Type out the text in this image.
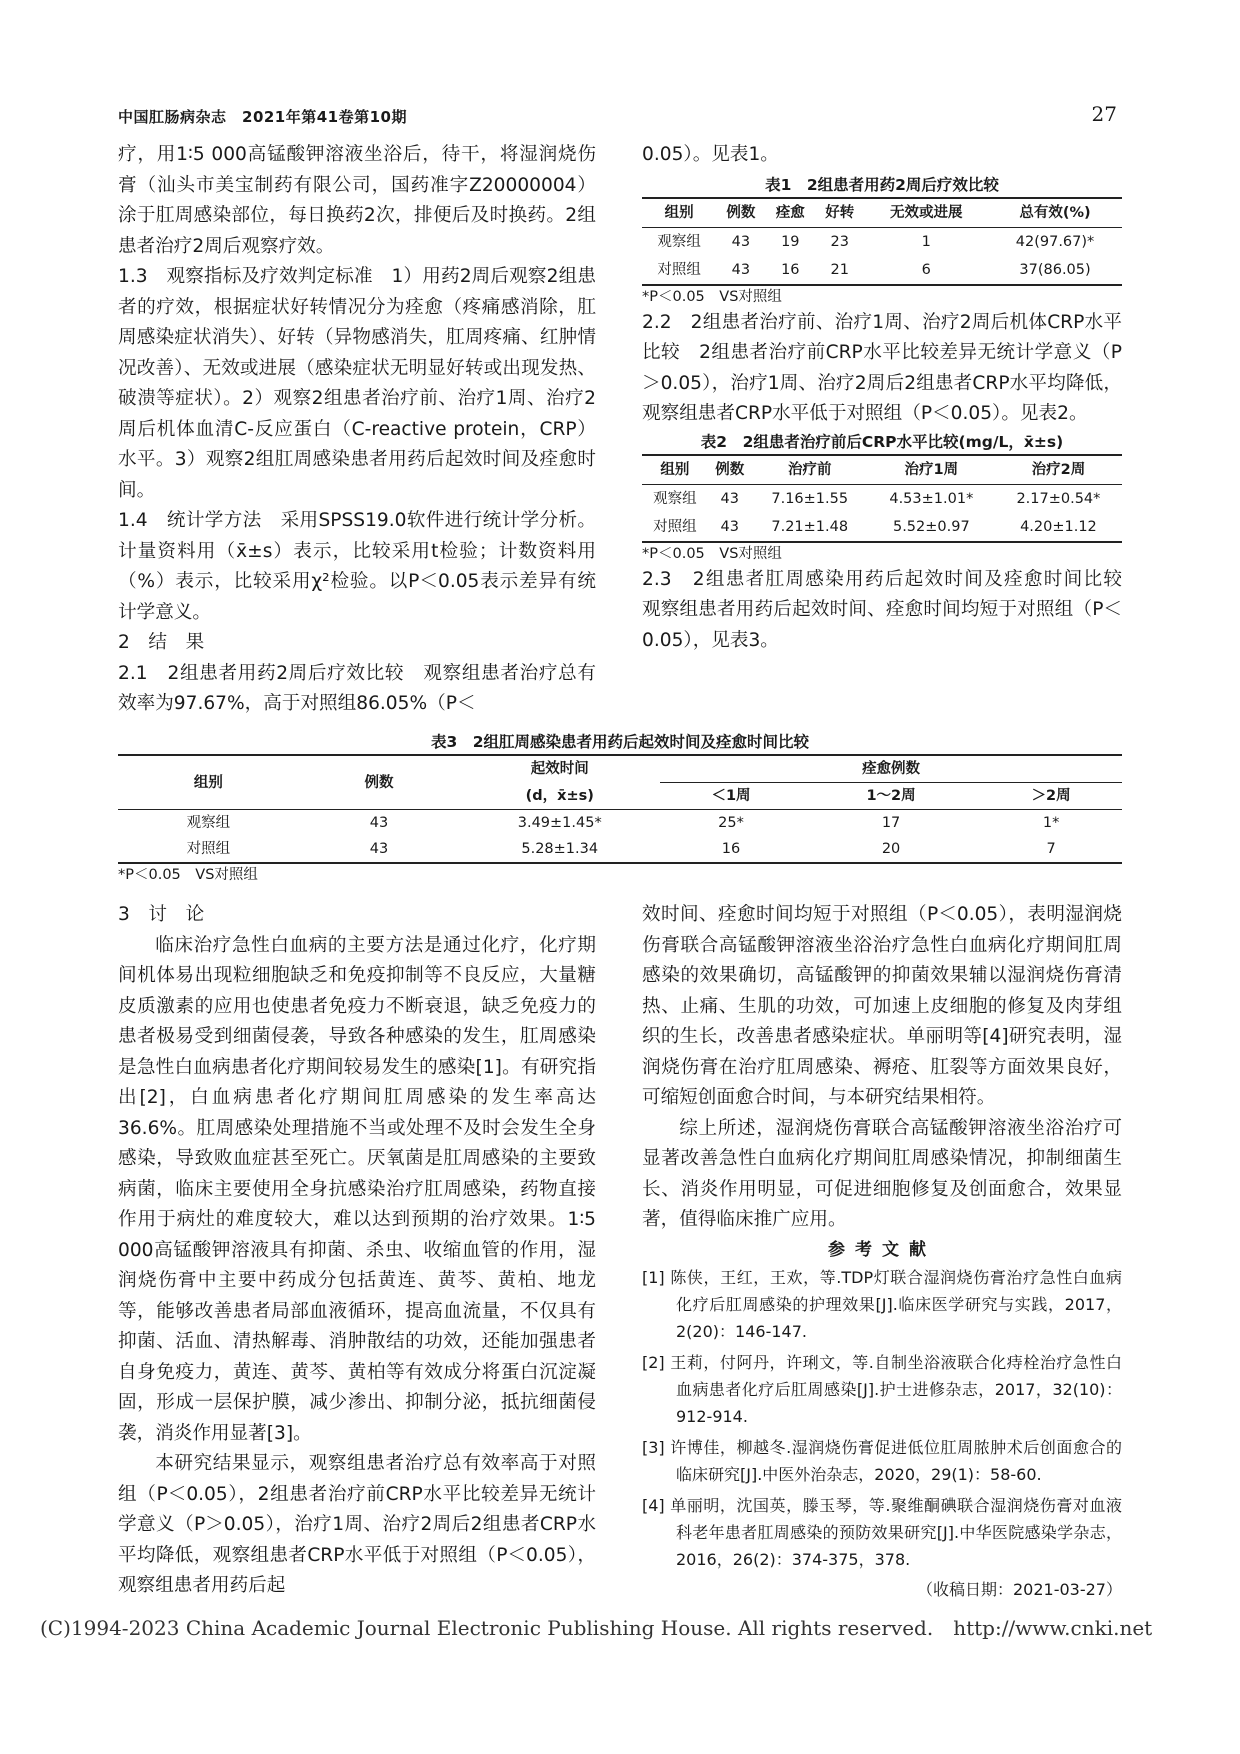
中国肛肠病杂志　2021年第41卷第10期	27

疗，用1∶5 000高锰酸钾溶液坐浴后，待干，将湿润烧伤膏（汕头市美宝制药有限公司，国药准字Z20000004）涂于肛周感染部位，每日换药2次，排便后及时换药。2组患者治疗2周后观察疗效。

1.3　观察指标及疗效判定标准　1）用药2周后观察2组患者的疗效，根据症状好转情况分为痊愈（疼痛感消除，肛周感染症状消失）、好转（异物感消失，肛周疼痛、红肿情况改善）、无效或进展（感染症状无明显好转或出现发热、破溃等症状）。2）观察2组患者治疗前、治疗1周、治疗2周后机体血清C-反应蛋白（C-reactive protein，CRP）水平。3）观察2组肛周感染患者用药后起效时间及痊愈时间。

1.4　统计学方法　采用SPSS19.0软件进行统计学分析。计量资料用（x̄±s）表示，比较采用t检验；计数资料用（%）表示，比较采用χ²检验。以P＜0.05表示差异有统计学意义。

2　结　果

2.1　2组患者用药2周后疗效比较　观察组患者治疗总有效率为97.67%，高于对照组86.05%（P＜

0.05）。见表1。

表1　2组患者用药2周后疗效比较
组别	例数	痊愈	好转	无效或进展	总有效(%)
观察组	43	19	23	1	42(97.67)*
对照组	43	16	21	6	37(86.05)
*P＜0.05　VS对照组

2.2　2组患者治疗前、治疗1周、治疗2周后机体CRP水平比较　2组患者治疗前CRP水平比较差异无统计学意义（P＞0.05），治疗1周、治疗2周后2组患者CRP水平均降低，观察组患者CRP水平低于对照组（P＜0.05）。见表2。

表2　2组患者治疗前后CRP水平比较(mg/L，x̄±s)
组别	例数	治疗前	治疗1周	治疗2周
观察组	43	7.16±1.55	4.53±1.01*	2.17±0.54*
对照组	43	7.21±1.48	5.52±0.97	4.20±1.12
*P＜0.05　VS对照组

2.3　2组患者肛周感染用药后起效时间及痊愈时间比较　观察组患者用药后起效时间、痊愈时间均短于对照组（P＜0.05），见表3。

表3　2组肛周感染患者用药后起效时间及痊愈时间比较
组别	例数	起效时间	痊愈例数		
		(d，x̄±s)	＜1周	1～2周	＞2周
观察组	43	3.49±1.45*	25*	17	1*
对照组	43	5.28±1.34	16	20	7
*P＜0.05　VS对照组

3　讨　论

临床治疗急性白血病的主要方法是通过化疗，化疗期间机体易出现粒细胞缺乏和免疫抑制等不良反应，大量糖皮质激素的应用也使患者免疫力不断衰退，缺乏免疫力的患者极易受到细菌侵袭，导致各种感染的发生，肛周感染是急性白血病患者化疗期间较易发生的感染[1]。有研究指出[2]，白血病患者化疗期间肛周感染的发生率高达36.6%。肛周感染处理措施不当或处理不及时会发生全身感染，导致败血症甚至死亡。厌氧菌是肛周感染的主要致病菌，临床主要使用全身抗感染治疗肛周感染，药物直接作用于病灶的难度较大，难以达到预期的治疗效果。1∶5 000高锰酸钾溶液具有抑菌、杀虫、收缩血管的作用，湿润烧伤膏中主要中药成分包括黄连、黄芩、黄柏、地龙等，能够改善患者局部血液循环，提高血流量，不仅具有抑菌、活血、清热解毒、消肿散结的功效，还能加强患者自身免疫力，黄连、黄芩、黄柏等有效成分将蛋白沉淀凝固，形成一层保护膜，减少渗出、抑制分泌，抵抗细菌侵袭，消炎作用显著[3]。

本研究结果显示，观察组患者治疗总有效率高于对照组（P＜0.05），2组患者治疗前CRP水平比较差异无统计学意义（P＞0.05），治疗1周、治疗2周后2组患者CRP水平均降低，观察组患者CRP水平低于对照组（P＜0.05），观察组患者用药后起

效时间、痊愈时间均短于对照组（P＜0.05），表明湿润烧伤膏联合高锰酸钾溶液坐浴治疗急性白血病化疗期间肛周感染的效果确切，高锰酸钾的抑菌效果辅以湿润烧伤膏清热、止痛、生肌的功效，可加速上皮细胞的修复及肉芽组织的生长，改善患者感染症状。单丽明等[4]研究表明，湿润烧伤膏在治疗肛周感染、褥疮、肛裂等方面效果良好，可缩短创面愈合时间，与本研究结果相符。

综上所述，湿润烧伤膏联合高锰酸钾溶液坐浴治疗可显著改善急性白血病化疗期间肛周感染情况，抑制细菌生长、消炎作用明显，可促进细胞修复及创面愈合，效果显著，值得临床推广应用。

参考文献

[1] 陈侠，王红，王欢，等.TDP灯联合湿润烧伤膏治疗急性白血病化疗后肛周感染的护理效果[J].临床医学研究与实践，2017，2(20)：146-147.

[2] 王莉，付阿丹，许琍文，等.自制坐浴液联合化痔栓治疗急性白血病患者化疗后肛周感染[J].护士进修杂志，2017，32(10)：912-914.

[3] 许博佳，柳越冬.湿润烧伤膏促进低位肛周脓肿术后创面愈合的临床研究[J].中医外治杂志，2020，29(1)：58-60.

[4] 单丽明，沈国英，滕玉琴，等.聚维酮碘联合湿润烧伤膏对血液科老年患者肛周感染的预防效果研究[J].中华医院感染学杂志，2016，26(2)：374-375，378.

（收稿日期：2021-03-27）
(C)1994-2023 China Academic Journal Electronic Publishing House. All rights reserved.　http://www.cnki.net
